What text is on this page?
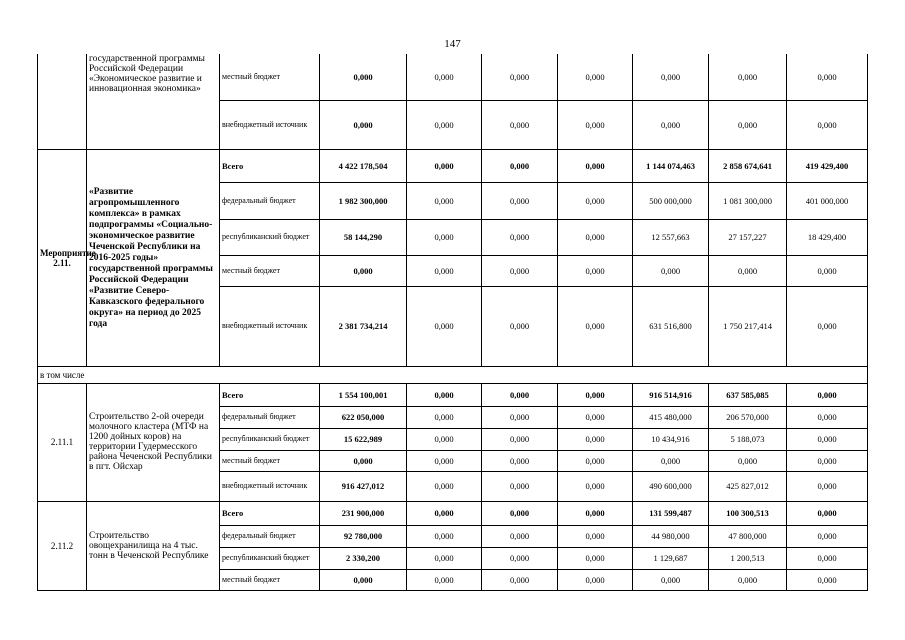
147
	государственной программы Российской Федерации «Экономическое развитие и инновационная экономика»	местный бюджет	0,000	0,000	0,000	0,000	0,000	0,000	0,000
		внебюджетный источник	0,000	0,000	0,000	0,000	0,000	0,000	0,000
Мероприятие 2.11.	«Развитие агропромышленного комплекса» в рамках подпрограммы «Социально-экономическое развитие Чеченской Республики на 2016-2025 годы» государственной программы Российской Федерации «Развитие Северо-Кавказского федерального округа» на период до 2025 года	Всего	4 422 178,504	0,000	0,000	0,000	1 144 074,463	2 858 674,641	419 429,400
		федеральный бюджет	1 982 300,000	0,000	0,000	0,000	500 000,000	1 081 300,000	401 000,000
		республиканский бюджет	58 144,290	0,000	0,000	0,000	12 557,663	27 157,227	18 429,400
		местный бюджет	0,000	0,000	0,000	0,000	0,000	0,000	0,000
		внебюджетный источник	2 381 734,214	0,000	0,000	0,000	631 516,800	1 750 217,414	0,000
в том числе									
2.11.1	Строительство 2-ой очереди молочного кластера (МТФ на 1200 дойных коров) на территории Гудермесского района Чеченской Республики в пгт. Ойсхар	Всего	1 554 100,001	0,000	0,000	0,000	916 514,916	637 585,085	0,000
		федеральный бюджет	622 050,000	0,000	0,000	0,000	415 480,000	206 570,000	0,000
		республиканский бюджет	15 622,989	0,000	0,000	0,000	10 434,916	5 188,073	0,000
		местный бюджет	0,000	0,000	0,000	0,000	0,000	0,000	0,000
		внебюджетный источник	916 427,012	0,000	0,000	0,000	490 600,000	425 827,012	0,000
2.11.2	Строительство овощехранилища на 4 тыс. тонн в Чеченской Республике	Всего	231 900,000	0,000	0,000	0,000	131 599,487	100 300,513	0,000
		федеральный бюджет	92 780,000	0,000	0,000	0,000	44 980,000	47 800,000	0,000
		республиканский бюджет	2 330,200	0,000	0,000	0,000	1 129,687	1 200,513	0,000
		местный бюджет	0,000	0,000	0,000	0,000	0,000	0,000	0,000
